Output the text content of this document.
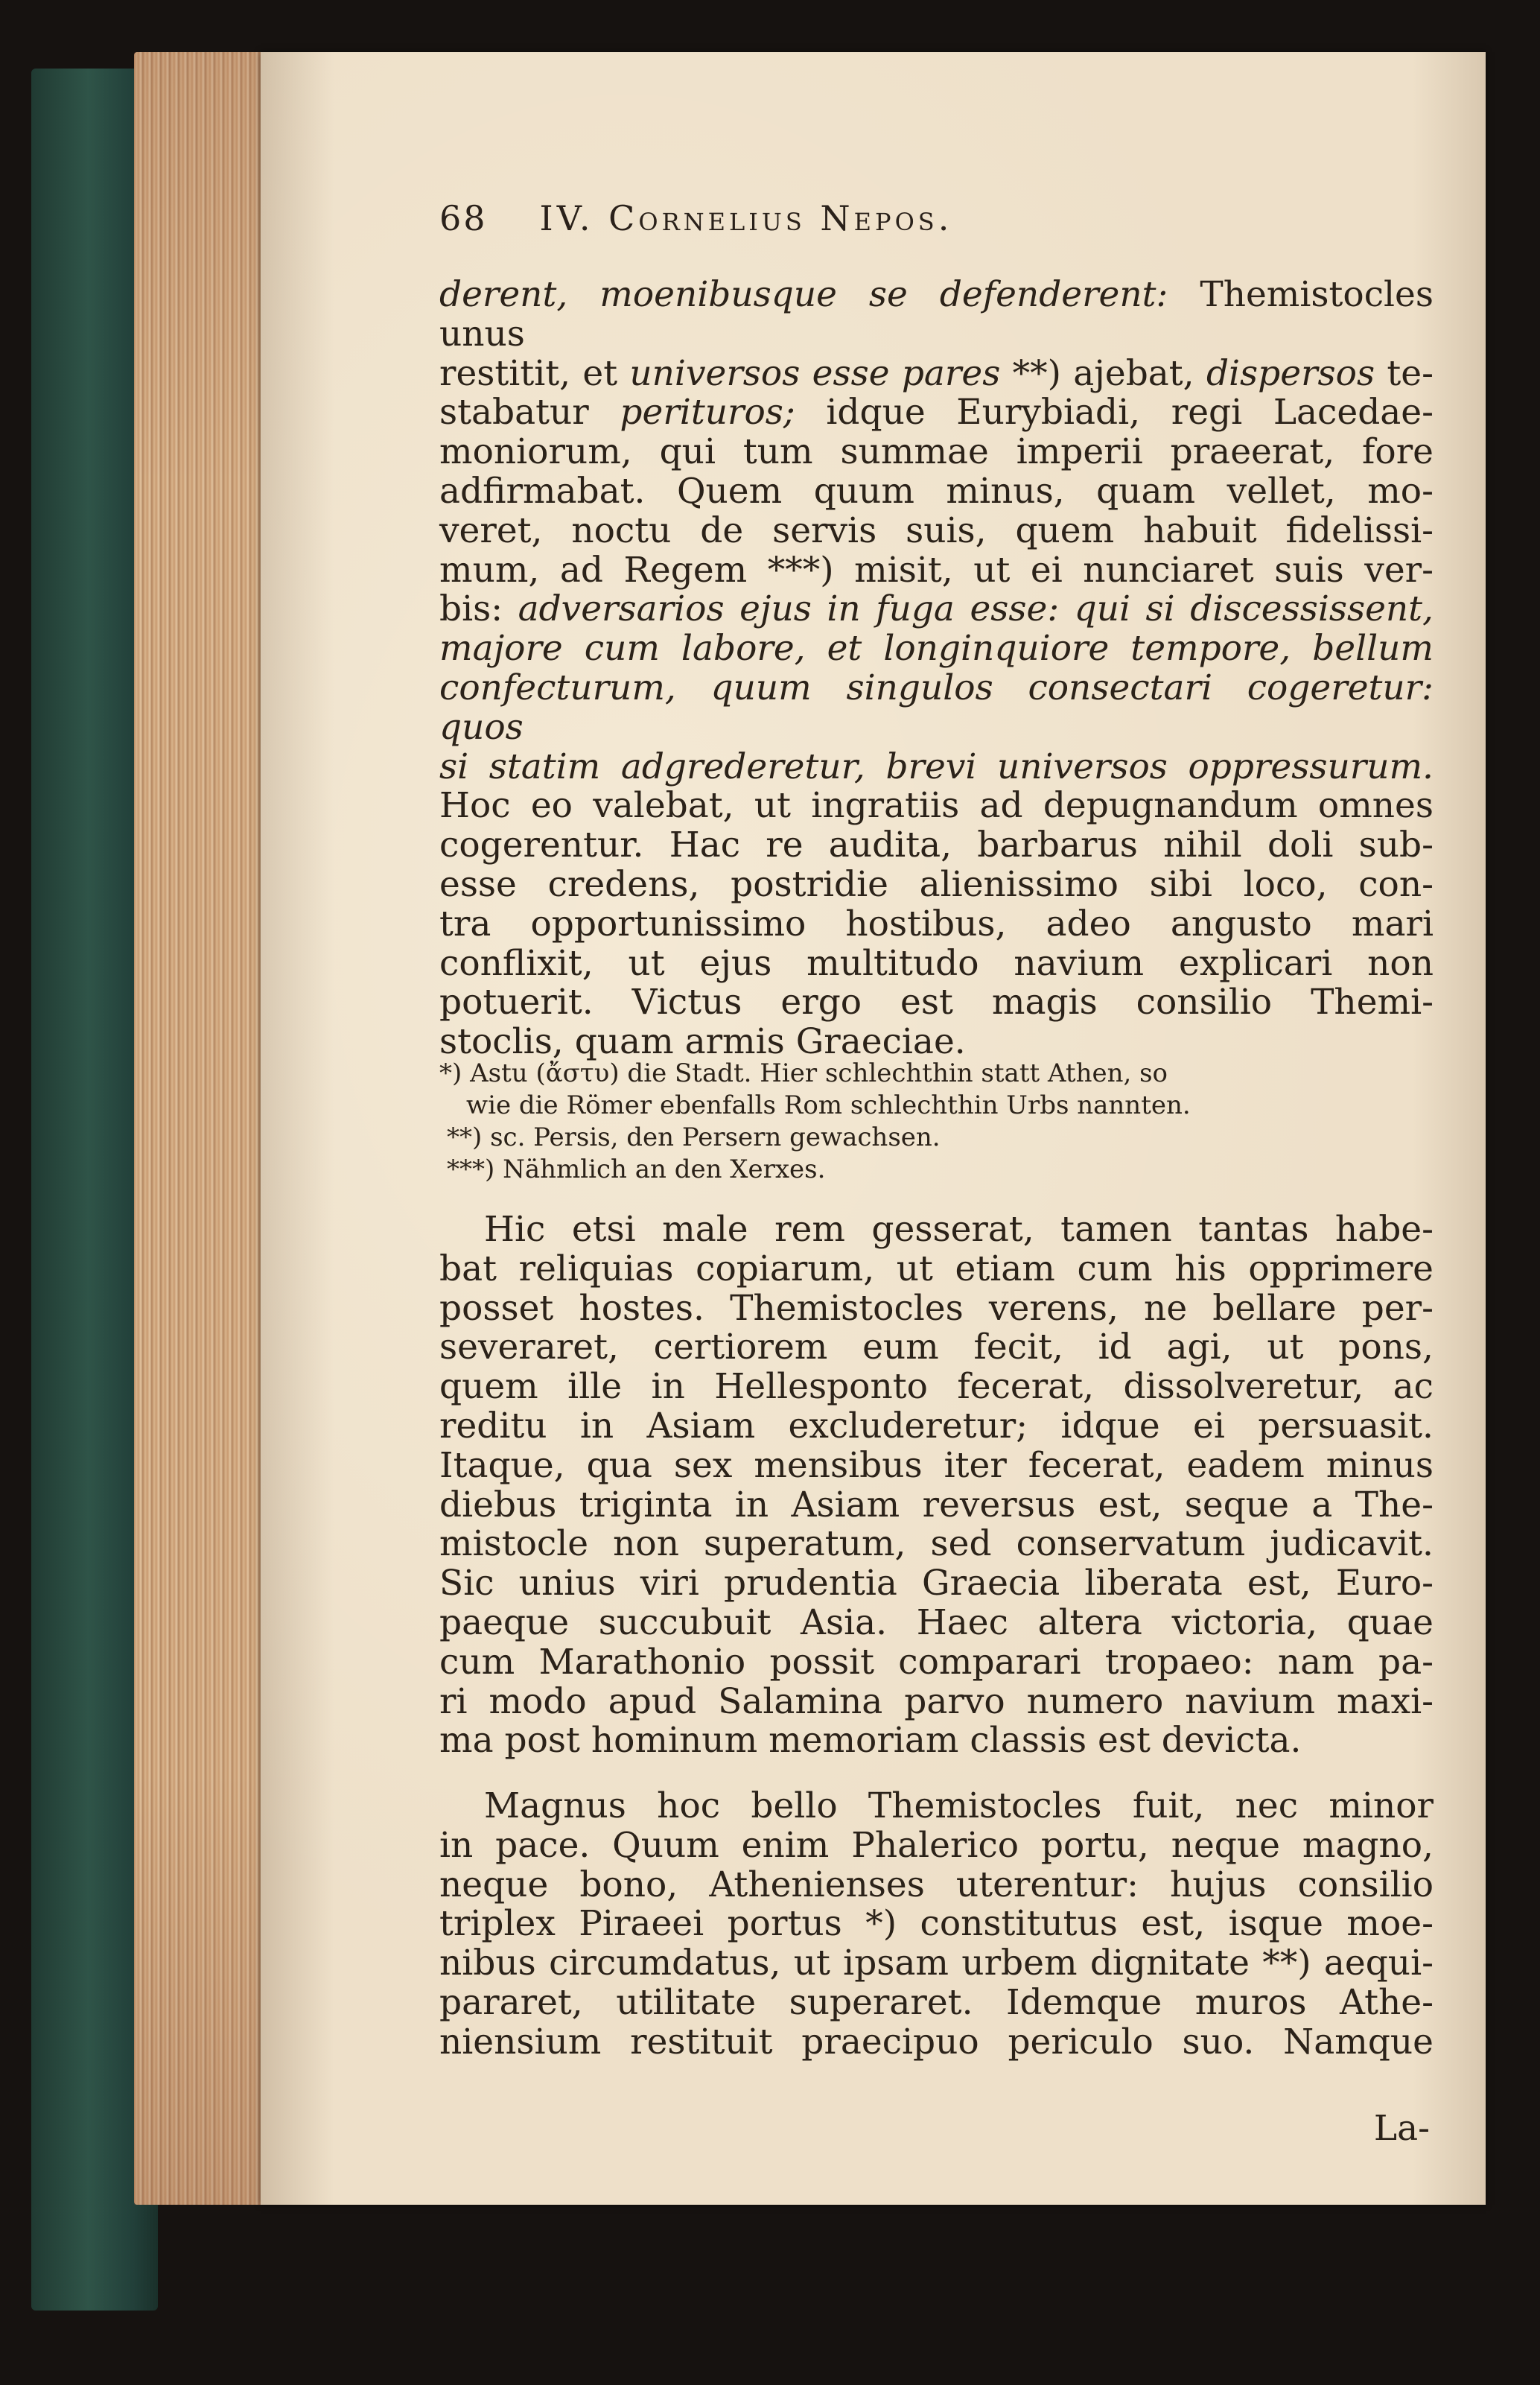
68 IV. Cornelius Nepos.

derent, moenibusque se defenderent: Themistocles unus

restitit, et universos esse pares **) ajebat, dispersos te-

stabatur perituros; idque Eurybiadi, regi Lacedae-

moniorum, qui tum summae imperii praeerat, fore

adfirmabat. Quem quum minus, quam vellet, mo-

veret, noctu de servis suis, quem habuit fidelissi-

mum, ad Regem ***) misit, ut ei nunciaret suis ver-

bis: adversarios ejus in fuga esse: qui si discessissent,

majore cum labore, et longinquiore tempore, bellum

confecturum, quum singulos consectari cogeretur: quos

si statim adgrederetur, brevi universos oppressurum.

Hoc eo valebat, ut ingratiis ad depugnandum omnes

cogerentur. Hac re audita, barbarus nihil doli sub-

esse credens, postridie alienissimo sibi loco, con-

tra opportunissimo hostibus, adeo angusto mari

conflixit, ut ejus multitudo navium explicari non

potuerit. Victus ergo est magis consilio Themi-

stoclis, quam armis Graeciae.

*) Astu (ἄστυ) die Stadt. Hier schlechthin statt Athen, so

wie die Römer ebenfalls Rom schlechthin Urbs nannten.

**) sc. Persis, den Persern gewachsen.

***) Nähmlich an den Xerxes.

Hic etsi male rem gesserat, tamen tantas habe-

bat reliquias copiarum, ut etiam cum his opprimere

posset hostes. Themistocles verens, ne bellare per-

severaret, certiorem eum fecit, id agi, ut pons,

quem ille in Hellesponto fecerat, dissolveretur, ac

reditu in Asiam excluderetur; idque ei persuasit.

Itaque, qua sex mensibus iter fecerat, eadem minus

diebus triginta in Asiam reversus est, seque a The-

mistocle non superatum, sed conservatum judicavit.

Sic unius viri prudentia Graecia liberata est, Euro-

paeque succubuit Asia. Haec altera victoria, quae

cum Marathonio possit comparari tropaeo: nam pa-

ri modo apud Salamina parvo numero navium maxi-

ma post hominum memoriam classis est devicta.

Magnus hoc bello Themistocles fuit, nec minor

in pace. Quum enim Phalerico portu, neque magno,

neque bono, Athenienses uterentur: hujus consilio

triplex Piraeei portus *) constitutus est, isque moe-

nibus circumdatus, ut ipsam urbem dignitate **) aequi-

pararet, utilitate superaret. Idemque muros Athe-

niensium restituit praecipuo periculo suo. Namque

La-
